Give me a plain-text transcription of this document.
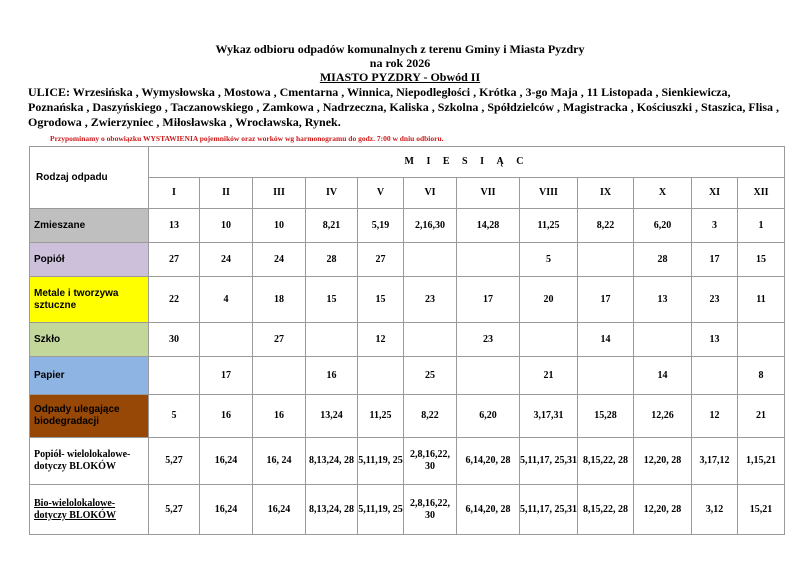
Wykaz odbioru odpadów komunalnych z terenu Gminy i Miasta Pyzdry
na rok 2026
MIASTO PYZDRY - Obwód II
ULICE: Wrzesińska , Wymysłowska , Mostowa , Cmentarna , Winnica, Niepodległości , Krótka , 3-go Maja , 11 Listopada , Sienkiewicza, Poznańska , Daszyńskiego , Taczanowskiego , Zamkowa , Nadrzeczna, Kaliska , Szkolna , Spółdzielców , Magistracka , Kościuszki , Staszica, Flisa , Ogrodowa , Zwierzyniec , Miłosławska , Wrocławska, Rynek.
Przypominamy o obowiązku WYSTAWIENIA pojemników oraz worków wg harmonogramu do godz. 7:00 w dniu odbioru.
Rodzaj odpadu	M I E S I Ą C											
	I	II	III	IV	V	VI	VII	VIII	IX	X	XI	XII
Zmieszane	13	10	10	8,21	5,19	2,16,30	14,28	11,25	8,22	6,20	3	1
Popiół	27	24	24	28	27			5		28	17	15
Metale i tworzywa sztuczne	22	4	18	15	15	23	17	20	17	13	23	11
Szkło	30		27		12		23		14		13	
Papier		17		16		25		21		14		8
Odpady ulegające biodegradacji	5	16	16	13,24	11,25	8,22	6,20	3,17,31	15,28	12,26	12	21
Popiół- wielolokalowe- dotyczy BLOKÓW	5,27	16,24	16, 24	8,13,24, 28	5,11,19, 25	2,8,16,22, 30	6,14,20, 28	5,11,17, 25,31	8,15,22, 28	12,20, 28	3,17,12	1,15,21
Bio-wielolokalowe- dotyczy BLOKÓW	5,27	16,24	16,24	8,13,24, 28	5,11,19, 25	2,8,16,22, 30	6,14,20, 28	5,11,17, 25,31	8,15,22, 28	12,20, 28	3,12	15,21
